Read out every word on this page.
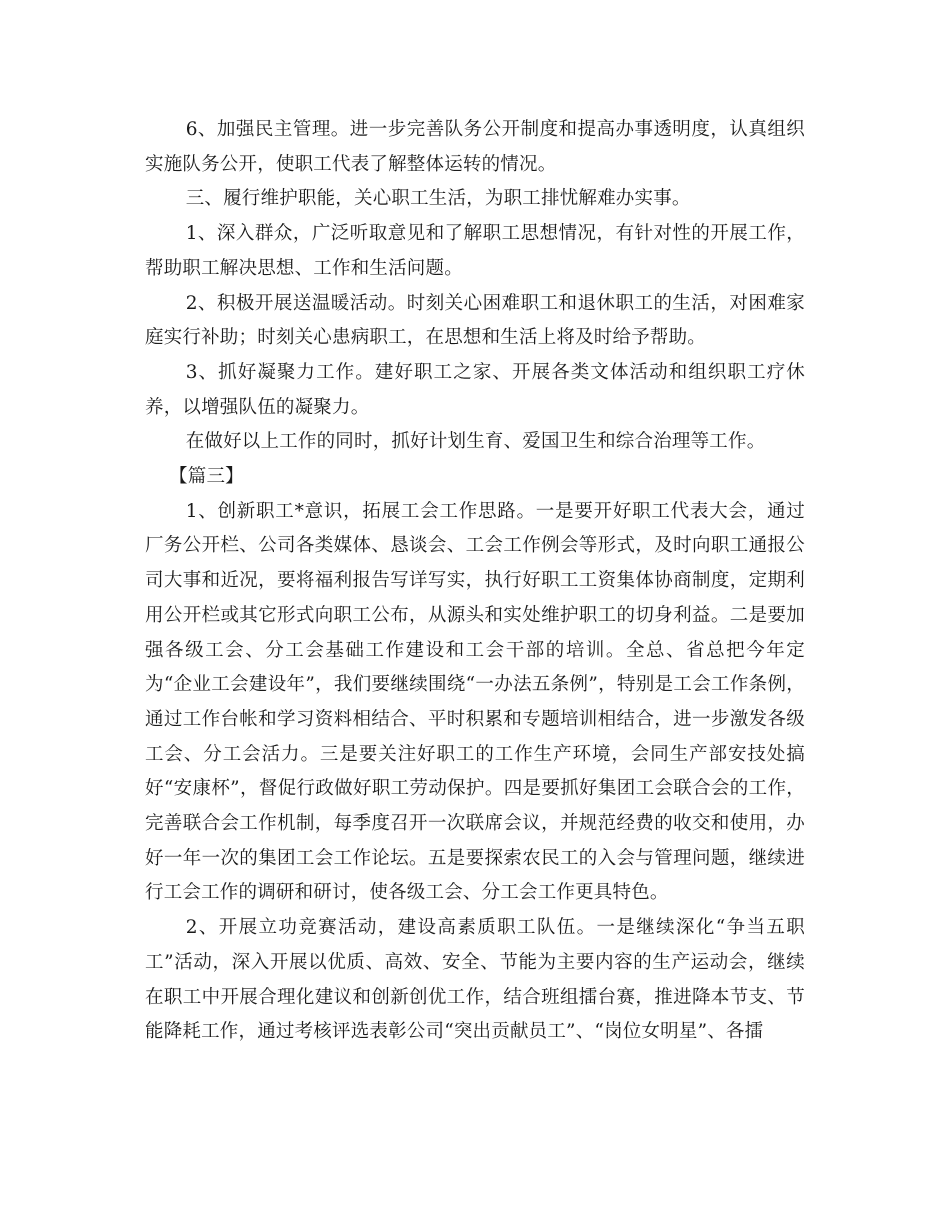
6、加强民主管理。进一步完善队务公开制度和提高办事透明度，认真组织实施队务公开，使职工代表了解整体运转的情况。

三、履行维护职能，关心职工生活，为职工排忧解难办实事。

1、深入群众，广泛听取意见和了解职工思想情况，有针对性的开展工作，帮助职工解决思想、工作和生活问题。

2、积极开展送温暖活动。时刻关心困难职工和退休职工的生活，对困难家庭实行补助；时刻关心患病职工，在思想和生活上将及时给予帮助。

3、抓好凝聚力工作。建好职工之家、开展各类文体活动和组织职工疗休养，以增强队伍的凝聚力。

在做好以上工作的同时，抓好计划生育、爱国卫生和综合治理等工作。

【篇三】

1、创新职工*意识，拓展工会工作思路。一是要开好职工代表大会，通过厂务公开栏、公司各类媒体、恳谈会、工会工作例会等形式，及时向职工通报公司大事和近况，要将福利报告写详写实，执行好职工工资集体协商制度，定期利用公开栏或其它形式向职工公布，从源头和实处维护职工的切身利益。二是要加强各级工会、分工会基础工作建设和工会干部的培训。全总、省总把今年定为“企业工会建设年”，我们要继续围绕“一办法五条例”，特别是工会工作条例，通过工作台帐和学习资料相结合、平时积累和专题培训相结合，进一步激发各级工会、分工会活力。三是要关注好职工的工作生产环境，会同生产部安技处搞好“安康杯”，督促行政做好职工劳动保护。四是要抓好集团工会联合会的工作，完善联合会工作机制，每季度召开一次联席会议，并规范经费的收交和使用，办好一年一次的集团工会工作论坛。五是要探索农民工的入会与管理问题，继续进行工会工作的调研和研讨，使各级工会、分工会工作更具特色。

2、开展立功竞赛活动，建设高素质职工队伍。一是继续深化“争当五职工”活动，深入开展以优质、高效、安全、节能为主要内容的生产运动会，继续在职工中开展合理化建议和创新创优工作，结合班组擂台赛，推进降本节支、节能降耗工作，通过考核评选表彰公司“突出贡献员工”、“岗位女明星”、各擂
